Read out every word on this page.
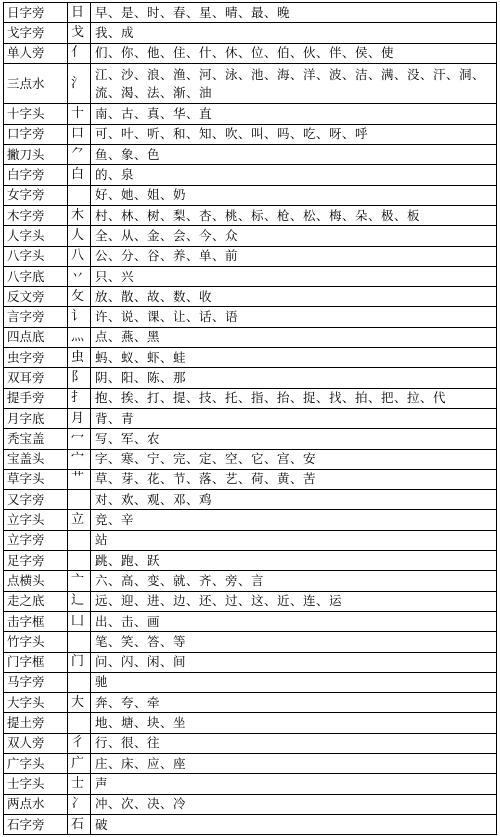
日字旁	日	早、是、时、春、星、晴、最、晚
戈字旁	戈	我、成
单人旁	亻	们、你、他、住、什、休、位、伯、伙、伴、侯、使
三点水	氵	江、沙、浪、渔、河、泳、池、海、洋、波、洁、满、没、汗、洞、流、渴、法、渐、油
十字头	十	南、古、真、华、直
口字旁	口	可、叶、听、和、知、吹、叫、吗、吃、呀、呼
撇刀头	⺈	鱼、象、色
白字旁	白	的、泉
女字旁		好、她、姐、奶
木字旁	木	村、林、树、梨、杏、桃、标、枪、松、梅、朵、极、板
人字头	人	全、从、金、会、今、众
八字头	八	公、分、谷、养、单、前
八字底	丷	只、兴
反文旁	攵	放、散、故、数、收
言字旁	讠	许、说、课、让、话、语
四点底	灬	点、燕、黑
虫字旁	虫	蚂、蚁、虾、蛙
双耳旁	阝	阴、阳、陈、那
提手旁	扌	抱、挨、打、提、技、托、指、抬、捉、找、拍、把、拉、代
月字底	月	背、青
秃宝盖	冖	写、军、农
宝盖头	宀	字、寒、宁、完、定、空、它、宫、安
草字头	艹	草、芽、花、节、落、艺、荷、黄、苦
又字旁		对、欢、观、邓、鸡
立字头	立	竞、辛
立字旁		站
足字旁		跳、跑、跃
点横头	亠	六、高、变、就、齐、旁、言
走之底	辶	远、迎、进、边、还、过、这、近、连、运
击字框	凵	出、击、画
竹字头		笔、笑、答、等
门字框	门	问、闪、闲、间
马字旁		驰
大字头	大	奔、夸、牵
提土旁		地、塘、块、坐
双人旁	彳	行、很、往
广字头	广	庄、床、应、座
士字头	士	声
两点水	冫	冲、次、决、冷
石字旁	石	破
